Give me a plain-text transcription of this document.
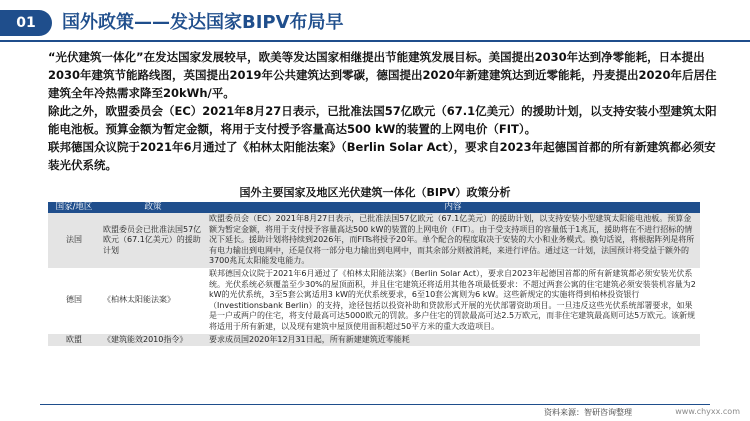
01	国外政策——发达国家BIPV布局早

“光伏建筑一体化”在发达国家发展较早，欧美等发达国家相继提出节能建筑发展目标。美国提出2030年达到净零能耗，日本提出2030年建筑节能路线图，英国提出2019年公共建筑达到零碳，德国提出2020年新建建筑达到近零能耗，丹麦提出2020年后居住建筑全年冷热需求降至20kWh/平。

除此之外，欧盟委员会（EC）2021年8月27日表示，已批准法国57亿欧元（67.1亿美元）的援助计划，以支持安装小型建筑太阳能电池板。预算金额为暂定金额，将用于支付授予容量高达500 kW的装置的上网电价（FIT）。

联邦德国众议院于2021年6月通过了《柏林太阳能法案》（Berlin Solar Act），要求自2023年起德国首都的所有新建筑都必须安装光伏系统。

国外主要国家及地区光伏建筑一体化（BIPV）政策分析
国家/地区	政策	内容
法国	欧盟委员会已批准法国57亿欧元（67.1亿美元）的援助计划	欧盟委员会（EC）2021年8月27日表示，已批准法国57亿欧元（67.1亿美元）的援助计划，以支持安装小型建筑太阳能电池板。预算金额为暂定金额，将用于支付授予容量高达500 kW的装置的上网电价（FIT）。由于受支持项目的容量低于1兆瓦，援助将在不进行招标的情况下延长。援助计划将持续到2026年，而FITs将授予20年。单个配合的程度取决于安装的大小和业务模式。换句话说，将根据阵列是将所有电力输出到电网中，还是仅将一部分电力输出到电网中，而其余部分则被消耗，来进行评估。通过这一计划，法国预计将受益于额外的3700兆瓦太阳能发电能力。
德国	《柏林太阳能法案》	联邦德国众议院于2021年6月通过了《柏林太阳能法案》（Berlin Solar Act），要求自2023年起德国首都的所有新建筑都必须安装光伏系统。光伏系统必须覆盖至少30%的屋顶面积，并且住宅建筑还将适用其他各项最低要求：不超过两套公寓的住宅建筑必须安装装机容量为2 kW的光伏系统，3至5套公寓适用3 kW的光伏系统要求，6至10套公寓则为6 kW。这些新规定的实施将得到柏林投资银行（Investitionsbank Berlin）的支持，途径包括以投资补助和贷款形式开展的光伏部署资助项目。一旦违反这些光伏系统部署要求，如果是一户或两户的住宅，将支付最高可达5000欧元的罚款。多户住宅的罚款最高可达2.5万欧元，而非住宅建筑最高则可达5万欧元。该新规将适用于所有新建，以及现有建筑中屋顶使用面积超过50平方米的重大改造项目。
欧盟	《建筑能效2010指令》	要求成员国2020年12月31日起，所有新建建筑近零能耗
资料来源：智研咨询整理	www.chyxx.com
